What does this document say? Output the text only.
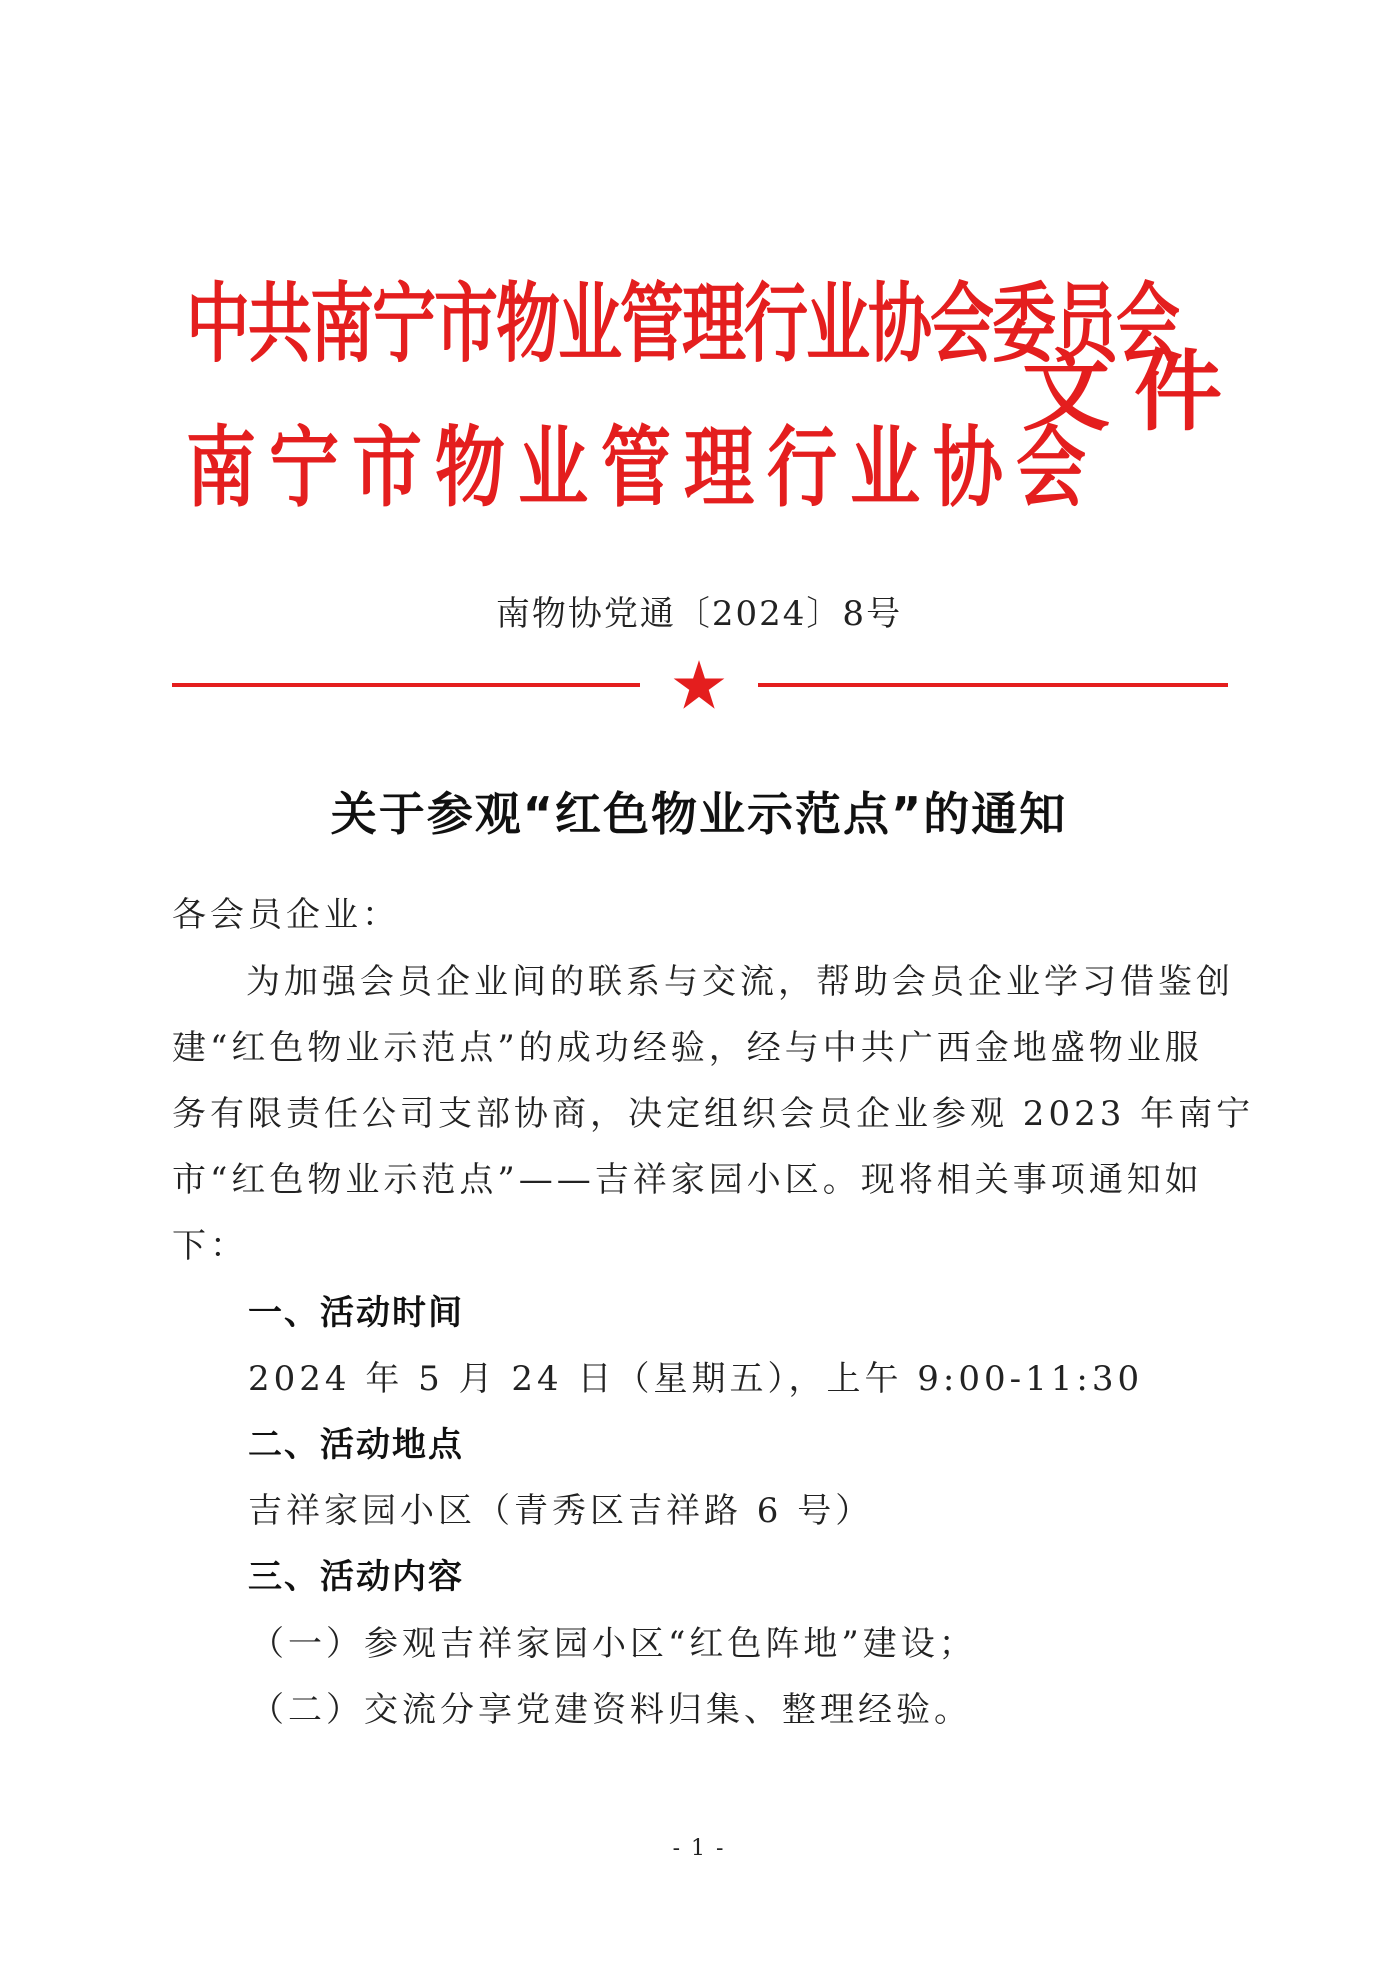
中共南宁市物业管理行业协会委员会
南宁市物业管理行业协会
文件
南物协党通〔2024〕8号
关于参观“红色物业示范点”的通知
各会员企业：
为加强会员企业间的联系与交流，帮助会员企业学习借鉴创
建“红色物业示范点”的成功经验，经与中共广西金地盛物业服
务有限责任公司支部协商，决定组织会员企业参观 2023 年南宁
市“红色物业示范点”——吉祥家园小区。现将相关事项通知如
下：
一、活动时间
2024 年 5 月 24 日（星期五），上午 9:00-11:30
二、活动地点
吉祥家园小区（青秀区吉祥路 6 号）
三、活动内容
（一）参观吉祥家园小区“红色阵地”建设；
（二）交流分享党建资料归集、整理经验。
- 1 -
